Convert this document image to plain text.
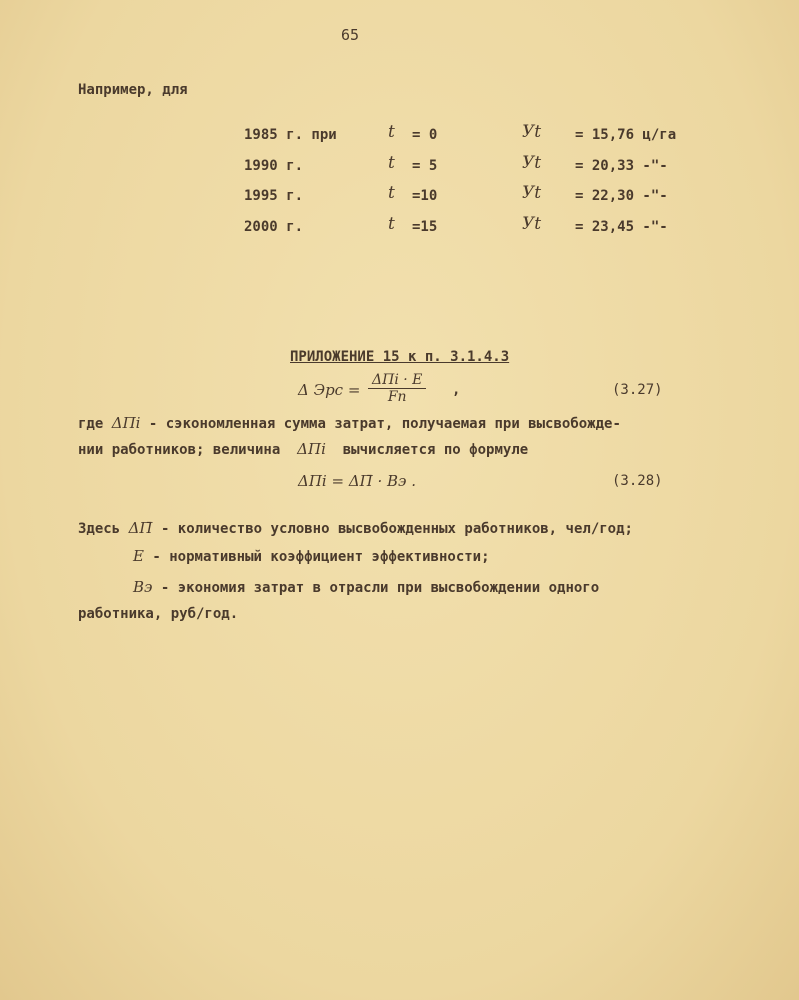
65
Например, для
1985 г. при	t = 0	Уt = 15,76 ц/га
1990 г.	t = 5	Уt = 20,33 -"-
1995 г.	t =10	Уt = 22,30 -"-
2000 г.	t =15	Уt = 23,45 -"-
ПРИЛОЖЕНИЕ 15 к п. 3.1.4.3
Δ Эрс =
ΔПi · E
Fп	,	(3.27)
где ΔПi - сэкономленная сумма затрат, получаемая при высвобожде-
нии работников; величина ΔПi вычисляется по формуле
ΔПi = ΔП̄ · Вэ .	(3.28)
Здесь ΔП̄ - количество условно высвобожденных работников, чел/год;
E - нормативный коэффициент эффективности;
Вэ - экономия затрат в отрасли при высвобождении одного
работника, руб/год.
